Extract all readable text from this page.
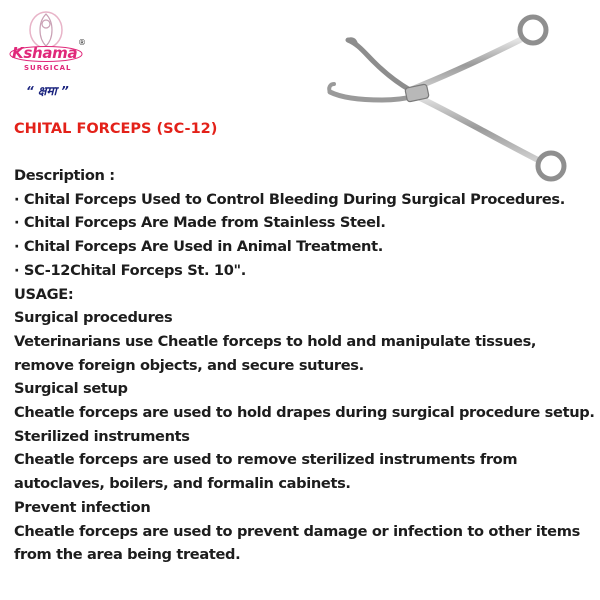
Kshama
®
SURGICAL
“ क्षमा ”
CHITAL FORCEPS (SC-12)
Description :
· Chital Forceps Used to Control Bleeding During Surgical Procedures.
· Chital Forceps Are Made from Stainless Steel.
· Chital Forceps Are Used in Animal Treatment.
· SC-12Chital Forceps St. 10".
USAGE:
Surgical procedures
Veterinarians use Cheatle forceps to hold and manipulate tissues, remove foreign objects, and secure sutures.
Surgical setup
Cheatle forceps are used to hold drapes during surgical procedure setup.
Sterilized instruments
Cheatle forceps are used to remove sterilized instruments from autoclaves, boilers, and formalin cabinets.
Prevent infection
Cheatle forceps are used to prevent damage or infection to other items from the area being treated.
